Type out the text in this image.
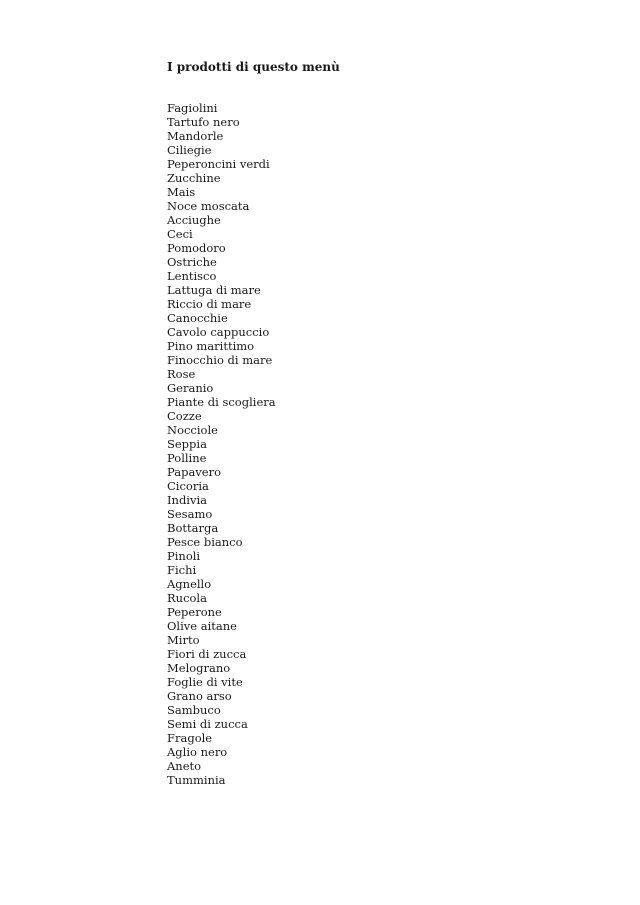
I prodotti di questo menù
Fagiolini
Tartufo nero
Mandorle
Ciliegie
Peperoncini verdi
Zucchine
Mais
Noce moscata
Acciughe
Ceci
Pomodoro
Ostriche
Lentisco
Lattuga di mare
Riccio di mare
Canocchie
Cavolo cappuccio
Pino marittimo
Finocchio di mare
Rose
Geranio
Piante di scogliera
Cozze
Nocciole
Seppia
Polline
Papavero
Cicoria
Indivia
Sesamo
Bottarga
Pesce bianco
Pinoli
Fichi
Agnello
Rucola
Peperone
Olive aitane
Mirto
Fiori di zucca
Melograno
Foglie di vite
Grano arso
Sambuco
Semi di zucca
Fragole
Aglio nero
Aneto
Tumminia
